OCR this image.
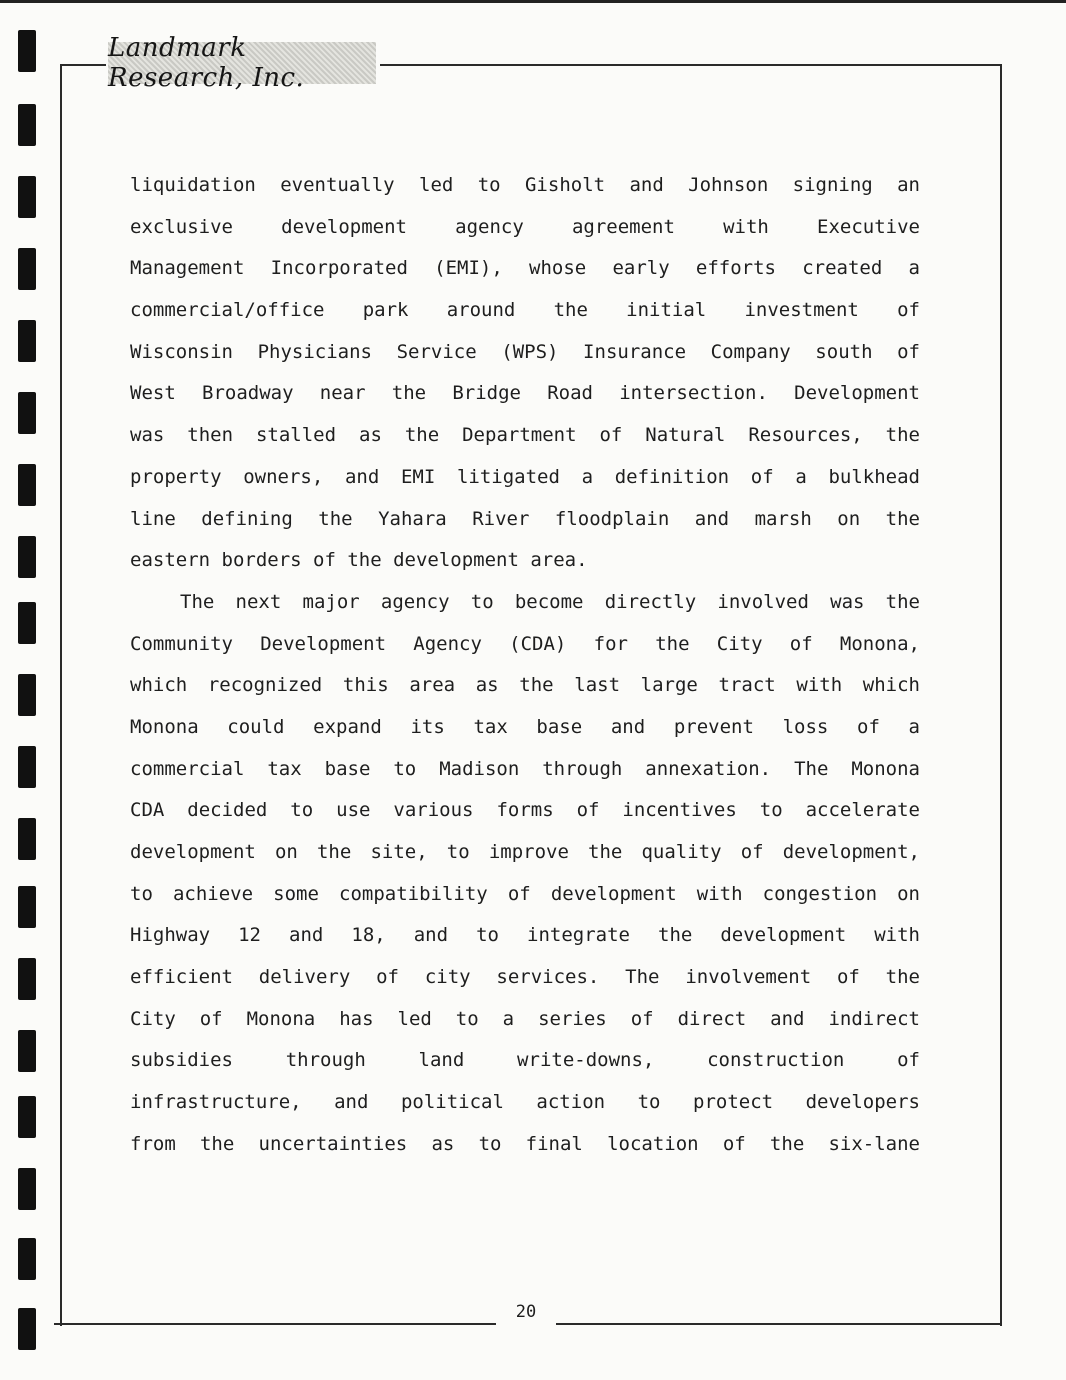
Landmark Research, Inc.
liquidation eventually led to Gisholt and Johnson signing an
exclusive development agency agreement with Executive
Management Incorporated (EMI), whose early efforts created a
commercial/office park around the initial investment of
Wisconsin Physicians Service (WPS) Insurance Company south of
West Broadway near the Bridge Road intersection. Development
was then stalled as the Department of Natural Resources, the
property owners, and EMI litigated a definition of a bulkhead
line defining the Yahara River floodplain and marsh on the
eastern borders of the development area.
The next major agency to become directly involved was the
Community Development Agency (CDA) for the City of Monona,
which recognized this area as the last large tract with which
Monona could expand its tax base and prevent loss of a
commercial tax base to Madison through annexation. The Monona
CDA decided to use various forms of incentives to accelerate
development on the site, to improve the quality of development,
to achieve some compatibility of development with congestion on
Highway 12 and 18, and to integrate the development with
efficient delivery of city services. The involvement of the
City of Monona has led to a series of direct and indirect
subsidies through land write-downs, construction of
infrastructure, and political action to protect developers
from the uncertainties as to final location of the six-lane
20
